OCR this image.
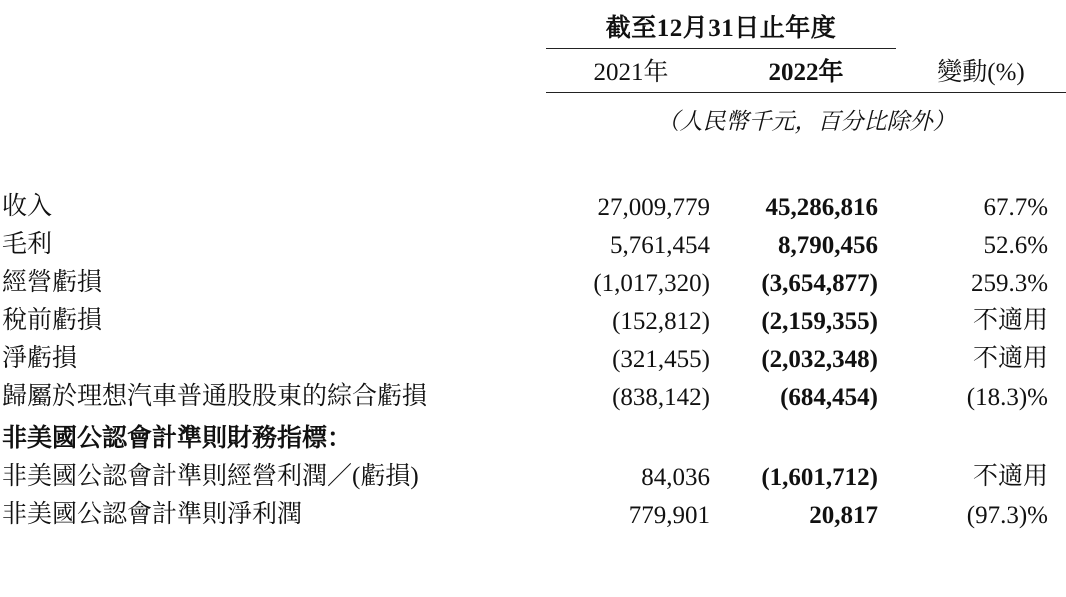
	截至12月31日止年度		
	2021年	2022年	變動(%)
	（人民幣千元，百分比除外）		

收入	27,009,779	45,286,816	67.7%
毛利	5,761,454	8,790,456	52.6%
經營虧損	(1,017,320)	(3,654,877)	259.3%
稅前虧損	(152,812)	(2,159,355)	不適用
淨虧損	(321,455)	(2,032,348)	不適用
歸屬於理想汽車普通股股東的綜合虧損	(838,142)	(684,454)	(18.3)%
非美國公認會計準則財務指標：			
非美國公認會計準則經營利潤／(虧損)	84,036	(1,601,712)	不適用
非美國公認會計準則淨利潤	779,901	20,817	(97.3)%
